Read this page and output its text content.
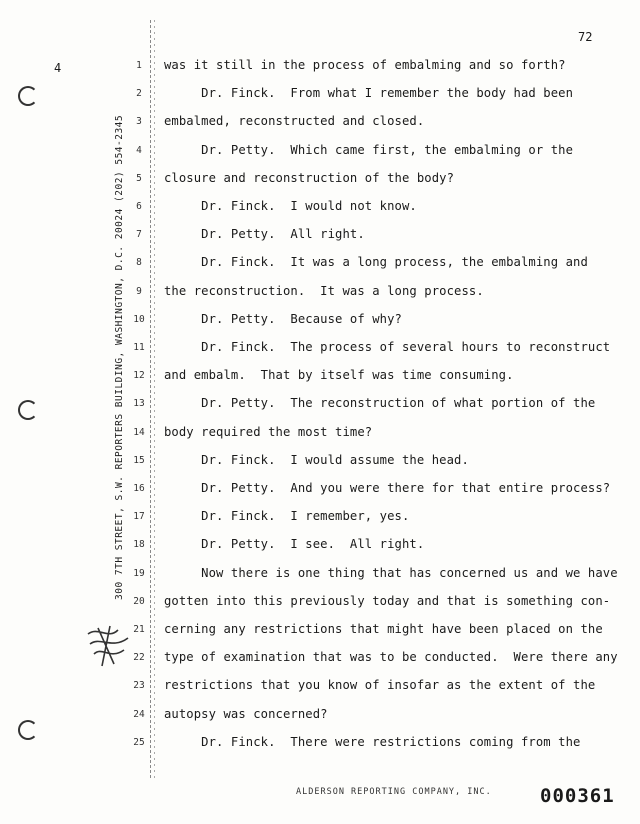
72
4
300 7TH STREET, S.W. REPORTERS BUILDING, WASHINGTON, D.C. 20024 (202) 554-2345
1	was it still in the process of embalming and so forth?
2	Dr. Finck.  From what I remember the body had been
3	embalmed, reconstructed and closed.
4	Dr. Petty.  Which came first, the embalming or the
5	closure and reconstruction of the body?
6	Dr. Finck.  I would not know.
7	Dr. Petty.  All right.
8	Dr. Finck.  It was a long process, the embalming and
9	the reconstruction.  It was a long process.
10	Dr. Petty.  Because of why?
11	Dr. Finck.  The process of several hours to reconstruct
12	and embalm.  That by itself was time consuming.
13	Dr. Petty.  The reconstruction of what portion of the
14	body required the most time?
15	Dr. Finck.  I would assume the head.
16	Dr. Petty.  And you were there for that entire process?
17	Dr. Finck.  I remember, yes.
18	Dr. Petty.  I see.  All right.
19	Now there is one thing that has concerned us and we have
20	gotten into this previously today and that is something con-
21	cerning any restrictions that might have been placed on the
22	type of examination that was to be conducted.  Were there any
23	restrictions that you know of insofar as the extent of the
24	autopsy was concerned?
25	Dr. Finck.  There were restrictions coming from the
ALDERSON REPORTING COMPANY, INC.	000361
